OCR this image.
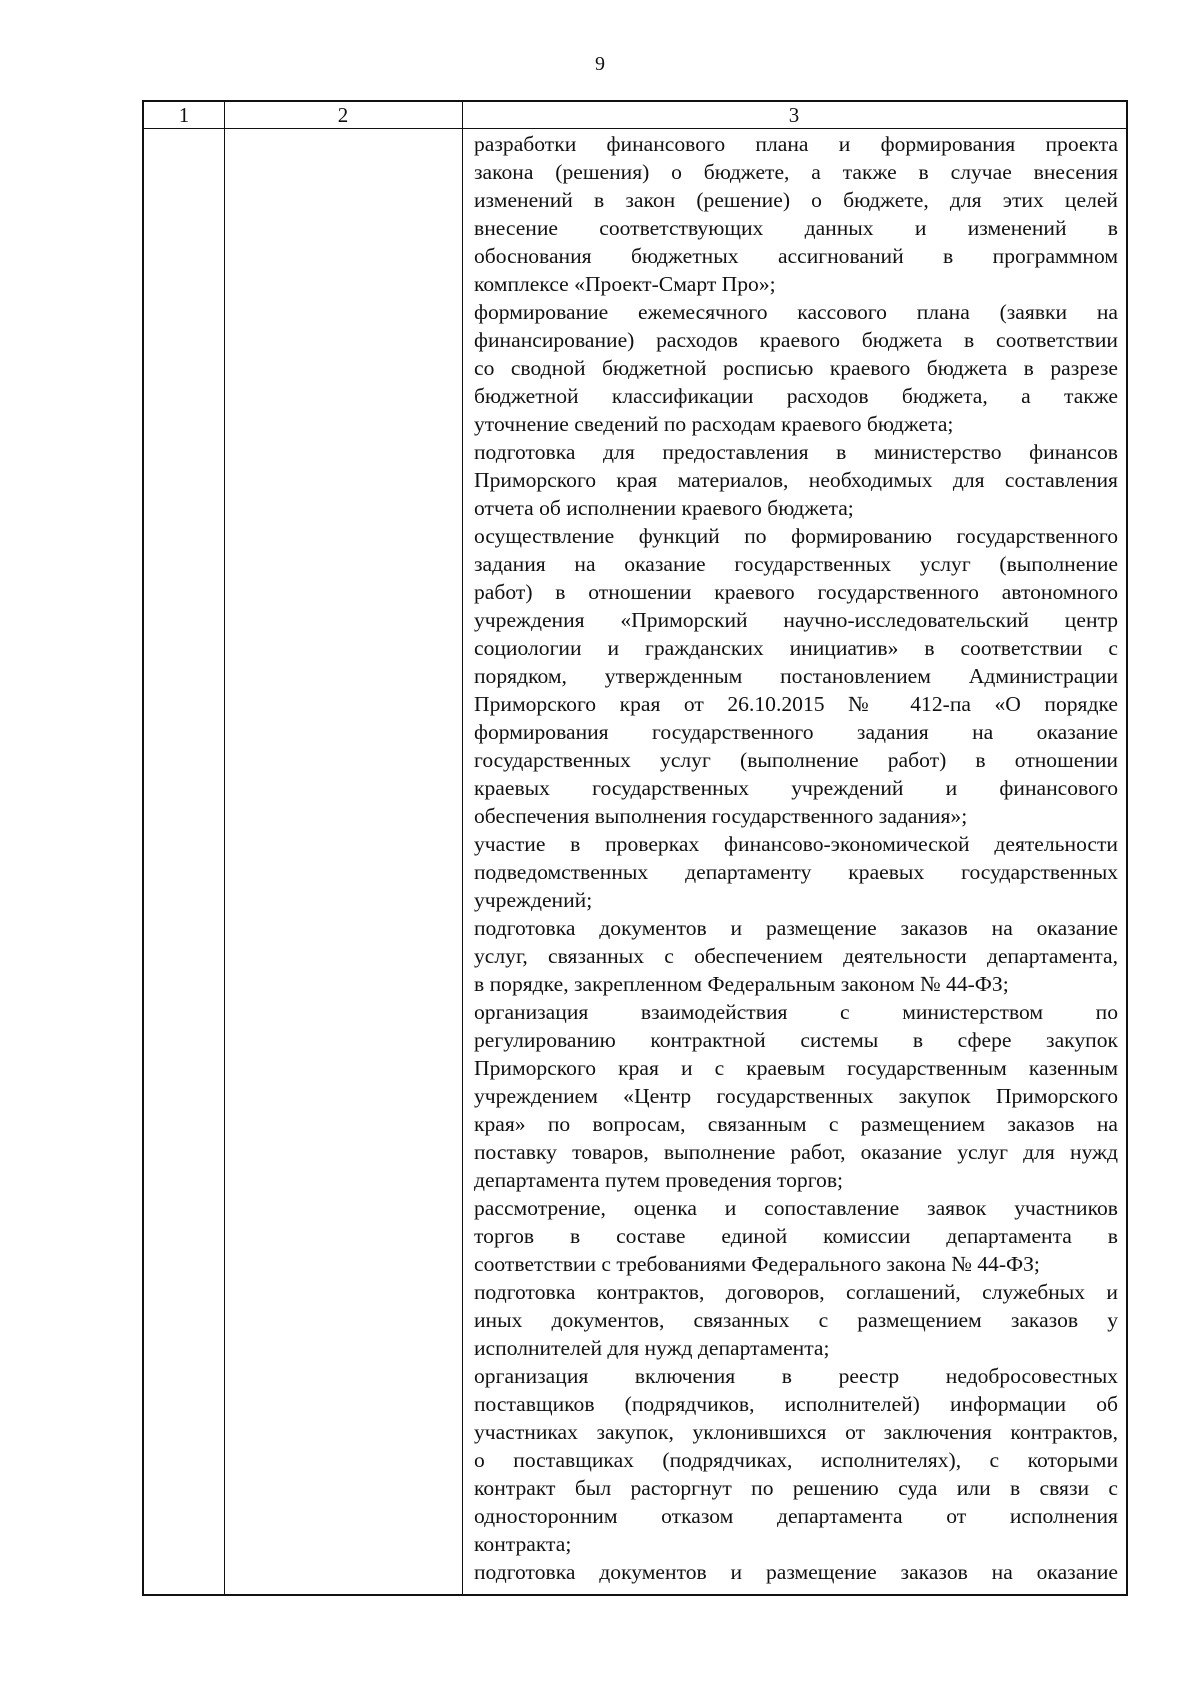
9
1	2	3
разработки финансового плана и формирования проекта
закона (решения) о бюджете, а также в случае внесения
изменений в закон (решение) о бюджете, для этих целей
внесение соответствующих данных и изменений в
обоснования бюджетных ассигнований в программном
комплексе «Проект-Смарт Про»;
формирование ежемесячного кассового плана (заявки на
финансирование) расходов краевого бюджета в соответствии
со сводной бюджетной росписью краевого бюджета в разрезе
бюджетной классификации расходов бюджета, а также
уточнение сведений по расходам краевого бюджета;
подготовка для предоставления в министерство финансов
Приморского края материалов, необходимых для составления
отчета об исполнении краевого бюджета;
осуществление функций по формированию государственного
задания на оказание государственных услуг (выполнение
работ) в отношении краевого государственного автономного
учреждения «Приморский научно-исследовательский центр
социологии и гражданских инициатив» в соответствии с
порядком, утвержденным постановлением Администрации
Приморского края от 26.10.2015 № 412-па «О порядке
формирования государственного задания на оказание
государственных услуг (выполнение работ) в отношении
краевых государственных учреждений и финансового
обеспечения выполнения государственного задания»;
участие в проверках финансово-экономической деятельности
подведомственных департаменту краевых государственных
учреждений;
подготовка документов и размещение заказов на оказание
услуг, связанных с обеспечением деятельности департамента,
в порядке, закрепленном Федеральным законом № 44-ФЗ;
организация взаимодействия с министерством по
регулированию контрактной системы в сфере закупок
Приморского края и с краевым государственным казенным
учреждением «Центр государственных закупок Приморского
края» по вопросам, связанным с размещением заказов на
поставку товаров, выполнение работ, оказание услуг для нужд
департамента путем проведения торгов;
рассмотрение, оценка и сопоставление заявок участников
торгов в составе единой комиссии департамента в
соответствии с требованиями Федерального закона № 44-ФЗ;
подготовка контрактов, договоров, соглашений, служебных и
иных документов, связанных с размещением заказов у
исполнителей для нужд департамента;
организация включения в реестр недобросовестных
поставщиков (подрядчиков, исполнителей) информации об
участниках закупок, уклонившихся от заключения контрактов,
о поставщиках (подрядчиках, исполнителях), с которыми
контракт был расторгнут по решению суда или в связи с
односторонним отказом департамента от исполнения
контракта;
подготовка документов и размещение заказов на оказание
